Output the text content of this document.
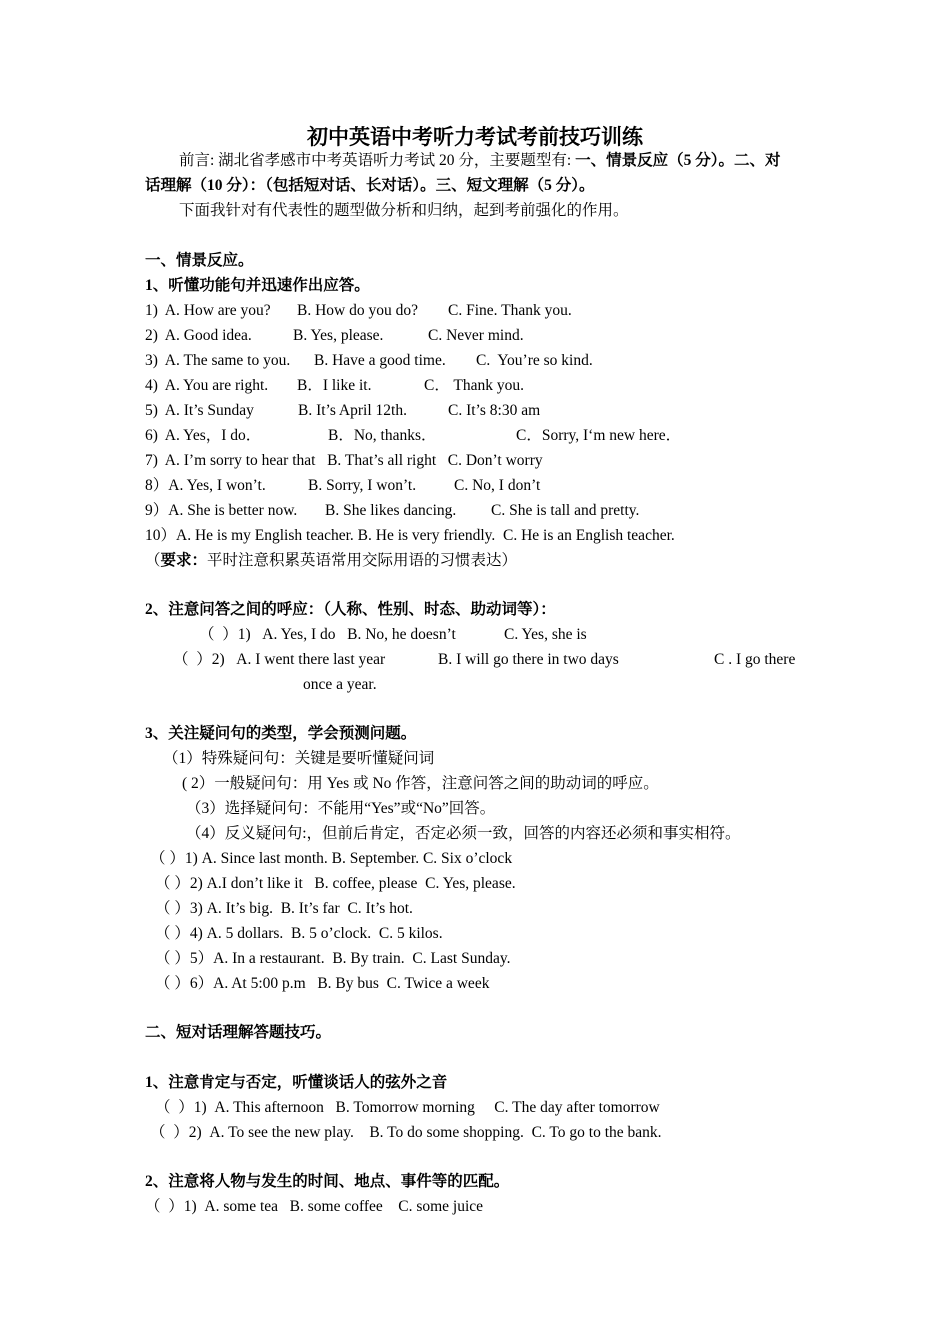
初中英语中考听力考试考前技巧训练
前言: 湖北省孝感市中考英语听力考试 20 分，主要题型有: 一、情景反应（5 分）。二、对
话理解（10 分）：（包括短对话、长对话）。三、短文理解（5 分）。
下面我针对有代表性的题型做分析和归纳，起到考前强化的作用。
一、情景反应。
1、听懂功能句并迅速作出应答。
1)  A. How are you? B. How do you do? C. Fine. Thank you.
2)  A. Good idea.	B. Yes, please.	C. Never mind.
3)  A. The same to you. B. Have a good time. C.  You’re so kind.
4)  A. You are right. B．I like it.	C． Thank you.
5)  A. It’s Sunday	B. It’s April 12th.	C. It’s 8:30 am
6)  A. Yes，I do．	B．No, thanks．	C．Sorry, I‘m new here．
7)  A. I’m sorry to hear that   B. That’s all right   C. Don’t worry
8）A. Yes, I won’t.	B. Sorry, I won’t. C. No, I don’t
9）A. She is better now. B. She likes dancing. C. She is tall and pretty.
10）A. He is my English teacher. B. He is very friendly.  C. He is an English teacher.
（要求：平时注意积累英语常用交际用语的习惯表达）
2、注意问答之间的呼应：（人称、性别、时态、助动词等）：
（  ）1)   A. Yes, I do   B. No, he doesn’t	C. Yes, she is
（  ）2)   A. I went there last year	B. I will go there in two days	C . I go there
once a year.
3、关注疑问句的类型，学会预测问题。
（1）特殊疑问句：关键是要听懂疑问词
( 2）一般疑问句：用 Yes 或 No 作答，注意问答之间的助动词的呼应。
（3）选择疑问句：不能用“Yes”或“No”回答。
（4）反义疑问句:，但前后肯定，否定必须一致，回答的内容还必须和事实相符。
（ ）1) A. Since last month. B. September. C. Six o’clock
（ ）2) A.I don’t like it   B. coffee, please  C. Yes, please.
（ ）3) A. It’s big.  B. It’s far  C. It’s hot.
（ ）4) A. 5 dollars.  B. 5 o’clock.  C. 5 kilos.
（ ）5）A. In a restaurant.  B. By train.  C. Last Sunday.
（ ）6）A. At 5:00 p.m   B. By bus  C. Twice a week
二、短对话理解答题技巧。
1、注意肯定与否定，听懂谈话人的弦外之音
（  ）1)  A. This afternoon   B. Tomorrow morning     C. The day after tomorrow
（  ）2)  A. To see the new play.    B. To do some shopping.  C. To go to the bank.
2、注意将人物与发生的时间、地点、事件等的匹配。
（  ）1)  A. some tea   B. some coffee    C. some juice
